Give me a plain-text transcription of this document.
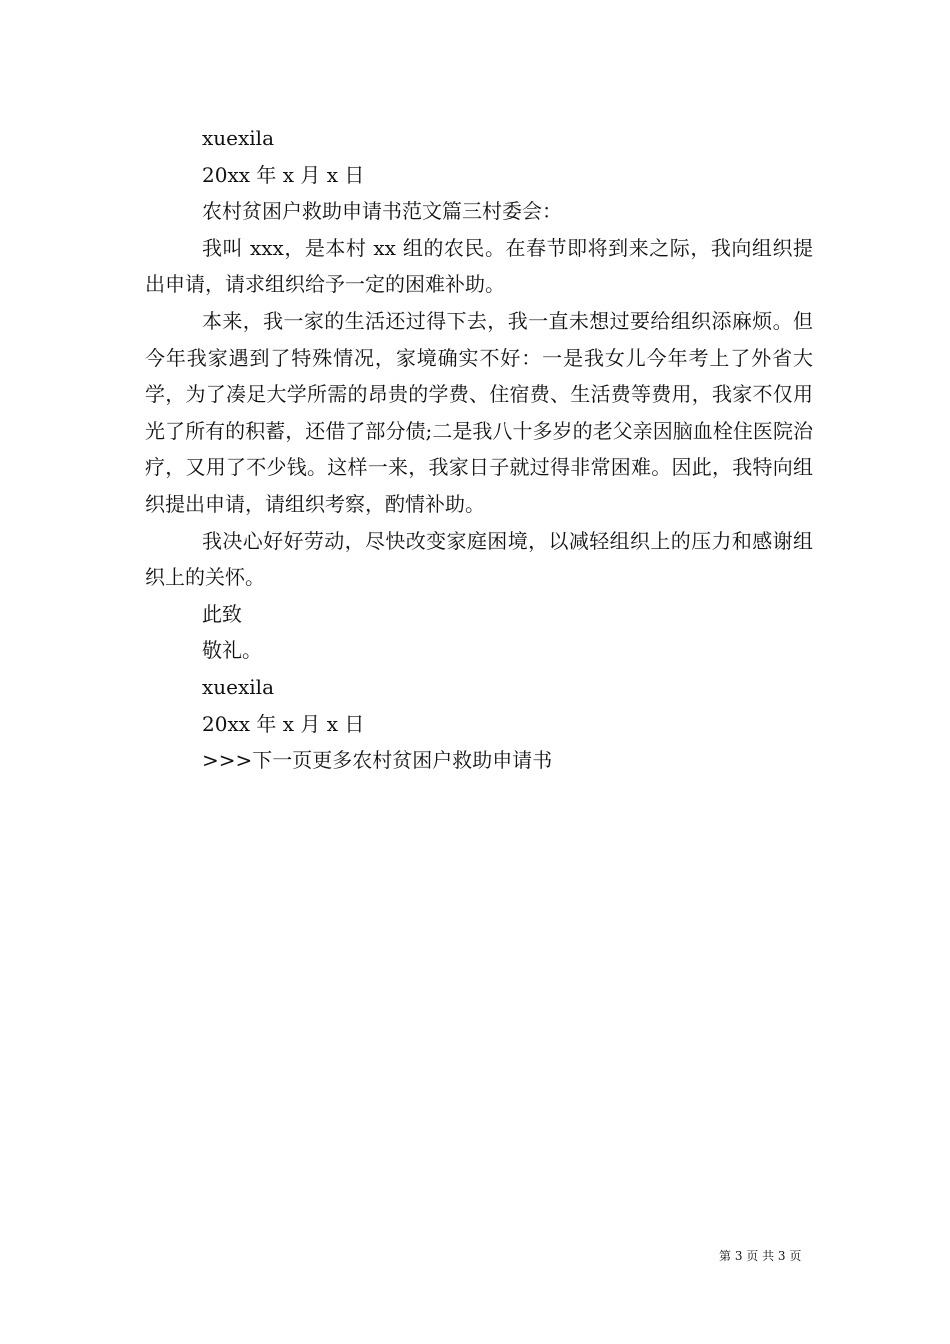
xuexila

20xx 年 x 月 x 日

农村贫困户救助申请书范文篇三村委会：

我叫 xxx，是本村 xx 组的农民。在春节即将到来之际，我向组织提出申请，请求组织给予一定的困难补助。

本来，我一家的生活还过得下去，我一直未想过要给组织添麻烦。但今年我家遇到了特殊情况，家境确实不好：一是我女儿今年考上了外省大学，为了凑足大学所需的昂贵的学费、住宿费、生活费等费用，我家不仅用光了所有的积蓄，还借了部分债;二是我八十多岁的老父亲因脑血栓住医院治疗，又用了不少钱。这样一来，我家日子就过得非常困难。因此，我特向组织提出申请，请组织考察，酌情补助。

我决心好好劳动，尽快改变家庭困境，以减轻组织上的压力和感谢组织上的关怀。

此致

敬礼。

xuexila

20xx 年 x 月 x 日

>>>下一页更多农村贫困户救助申请书

第 3 页 共 3 页
